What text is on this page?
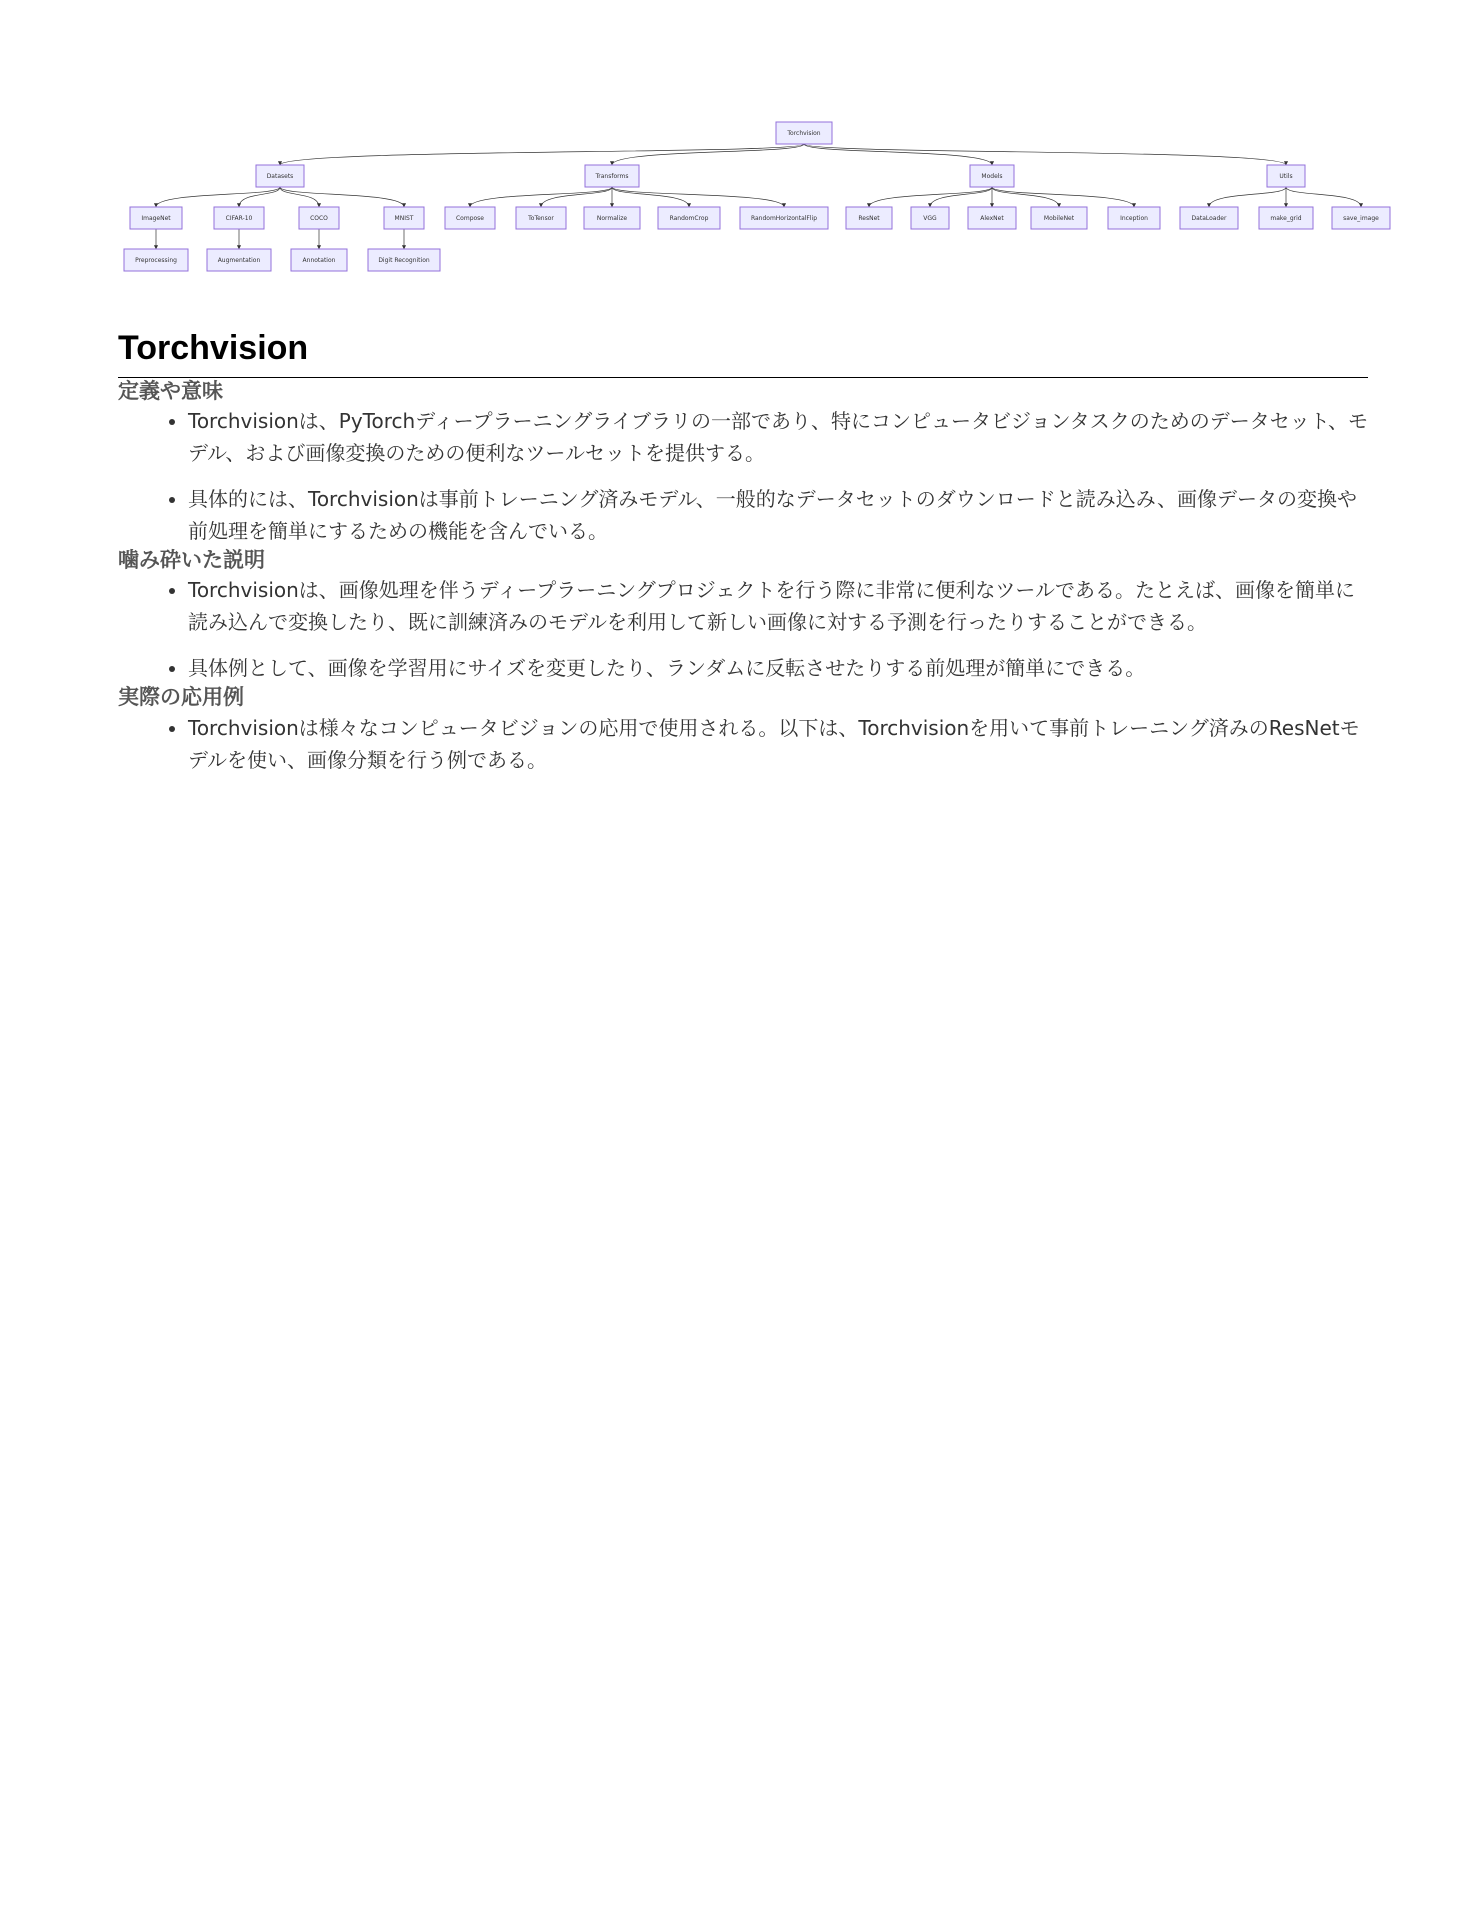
Torchvision
Datasets	Transforms	Models	Utils
ImageNet	CIFAR-10	COCO	MNIST	Compose	ToTensor	Normalize	RandomCrop	RandomHorizontalFlip	ResNet	VGG	AlexNet	MobileNet	Inception	DataLoader	make_grid	save_image
Preprocessing	Augmentation	Annotation	Digit Recognition
Torchvision
定義や意味
• Torchvisionは、PyTorchディープラーニングライブラリの一部であり、特にコンピュータビジョンタスクのためのデータセット、モデル、および画像変換のための便利なツールセットを提供する。
• 具体的には、Torchvisionは事前トレーニング済みモデル、一般的なデータセットのダウンロードと読み込み、画像データの変換や前処理を簡単にするための機能を含んでいる。
噛み砕いた説明
• Torchvisionは、画像処理を伴うディープラーニングプロジェクトを行う際に非常に便利なツールである。たとえば、画像を簡単に読み込んで変換したり、既に訓練済みのモデルを利用して新しい画像に対する予測を行ったりすることができる。
• 具体例として、画像を学習用にサイズを変更したり、ランダムに反転させたりする前処理が簡単にできる。
実際の応用例
• Torchvisionは様々なコンピュータビジョンの応用で使用される。以下は、Torchvisionを用いて事前トレーニング済みのResNetモデルを使い、画像分類を行う例である。
